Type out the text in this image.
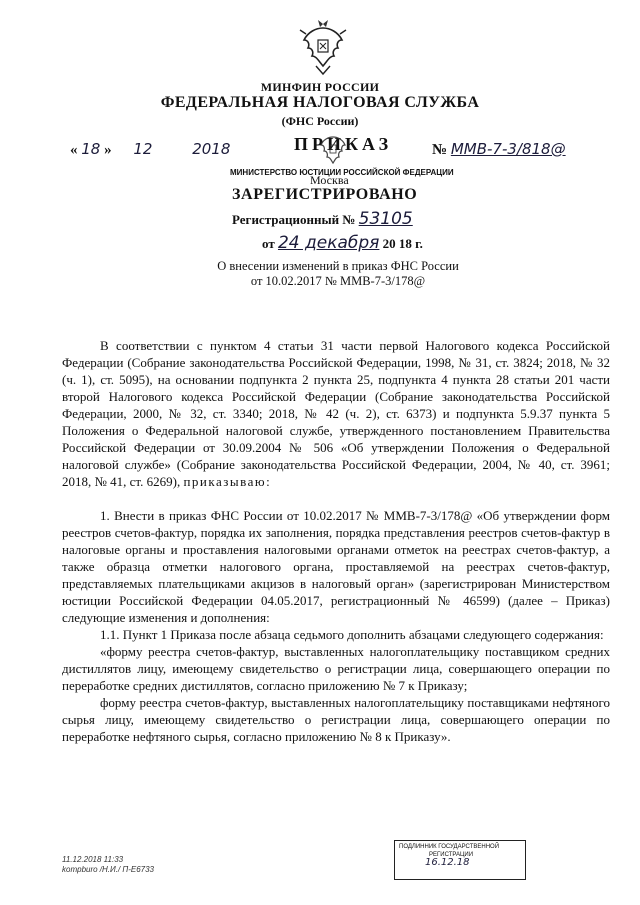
МИНФИН РОССИИ
ФЕДЕРАЛЬНАЯ НАЛОГОВАЯ СЛУЖБА
(ФНС России)
« 18 » 12	2018	ПРИКАЗ	№ ММВ-7-3/818@
МИНИСТЕРСТВО ЮСТИЦИИ РОССИЙСКОЙ ФЕДЕРАЦИИ
Москва
ЗАРЕГИСТРИРОВАНО
Регистрационный № 53105
от 24 декабря 20 18 г.
О внесении изменений в приказ ФНС России
от 10.02.2017 № ММВ-7-3/178@

В соответствии с пунктом 4 статьи 31 части первой Налогового кодекса Российской Федерации (Собрание законодательства Российской Федерации, 1998, № 31, ст. 3824; 2018, № 32 (ч. 1), ст. 5095), на основании подпункта 2 пункта 25, подпункта 4 пункта 28 статьи 201 части второй Налогового кодекса Российской Федерации (Собрание законодательства Российской Федерации, 2000, № 32, ст. 3340; 2018, № 42 (ч. 2), ст. 6373) и подпункта 5.9.37 пункта 5 Положения о Федеральной налоговой службе, утвержденного постановлением Правительства Российской Федерации от 30.09.2004 № 506 «Об утверждении Положения о Федеральной налоговой службе» (Собрание законодательства Российской Федерации, 2004, № 40, ст. 3961; 2018, № 41, ст. 6269), приказываю:

1. Внести в приказ ФНС России от 10.02.2017 № ММВ-7-3/178@ «Об утверждении форм реестров счетов-фактур, порядка их заполнения, порядка представления реестров счетов-фактур в налоговые органы и проставления налоговыми органами отметок на реестрах счетов-фактур, а также образца отметки налогового органа, проставляемой на реестрах счетов-фактур, представляемых плательщиками акцизов в налоговый орган» (зарегистрирован Министерством юстиции Российской Федерации 04.05.2017, регистрационный № 46599) (далее – Приказ) следующие изменения и дополнения:

1.1. Пункт 1 Приказа после абзаца седьмого дополнить абзацами следующего содержания:

«форму реестра счетов-фактур, выставленных налогоплательщику поставщиком средних дистиллятов лицу, имеющему свидетельство о регистрации лица, совершающего операции по переработке средних дистиллятов, согласно приложению № 7 к Приказу;

форму реестра счетов-фактур, выставленных налогоплательщику поставщиками нефтяного сырья лицу, имеющему свидетельство о регистрации лица, совершающего операции по переработке нефтяного сырья, согласно приложению № 8 к Приказу».

11.12.2018 11:33
kompburo /Н.И./ П-Е6733
ПОДЛИННИК ГОСУДАРСТВЕННОЙ
РЕГИСТРАЦИИ
16.12.18
